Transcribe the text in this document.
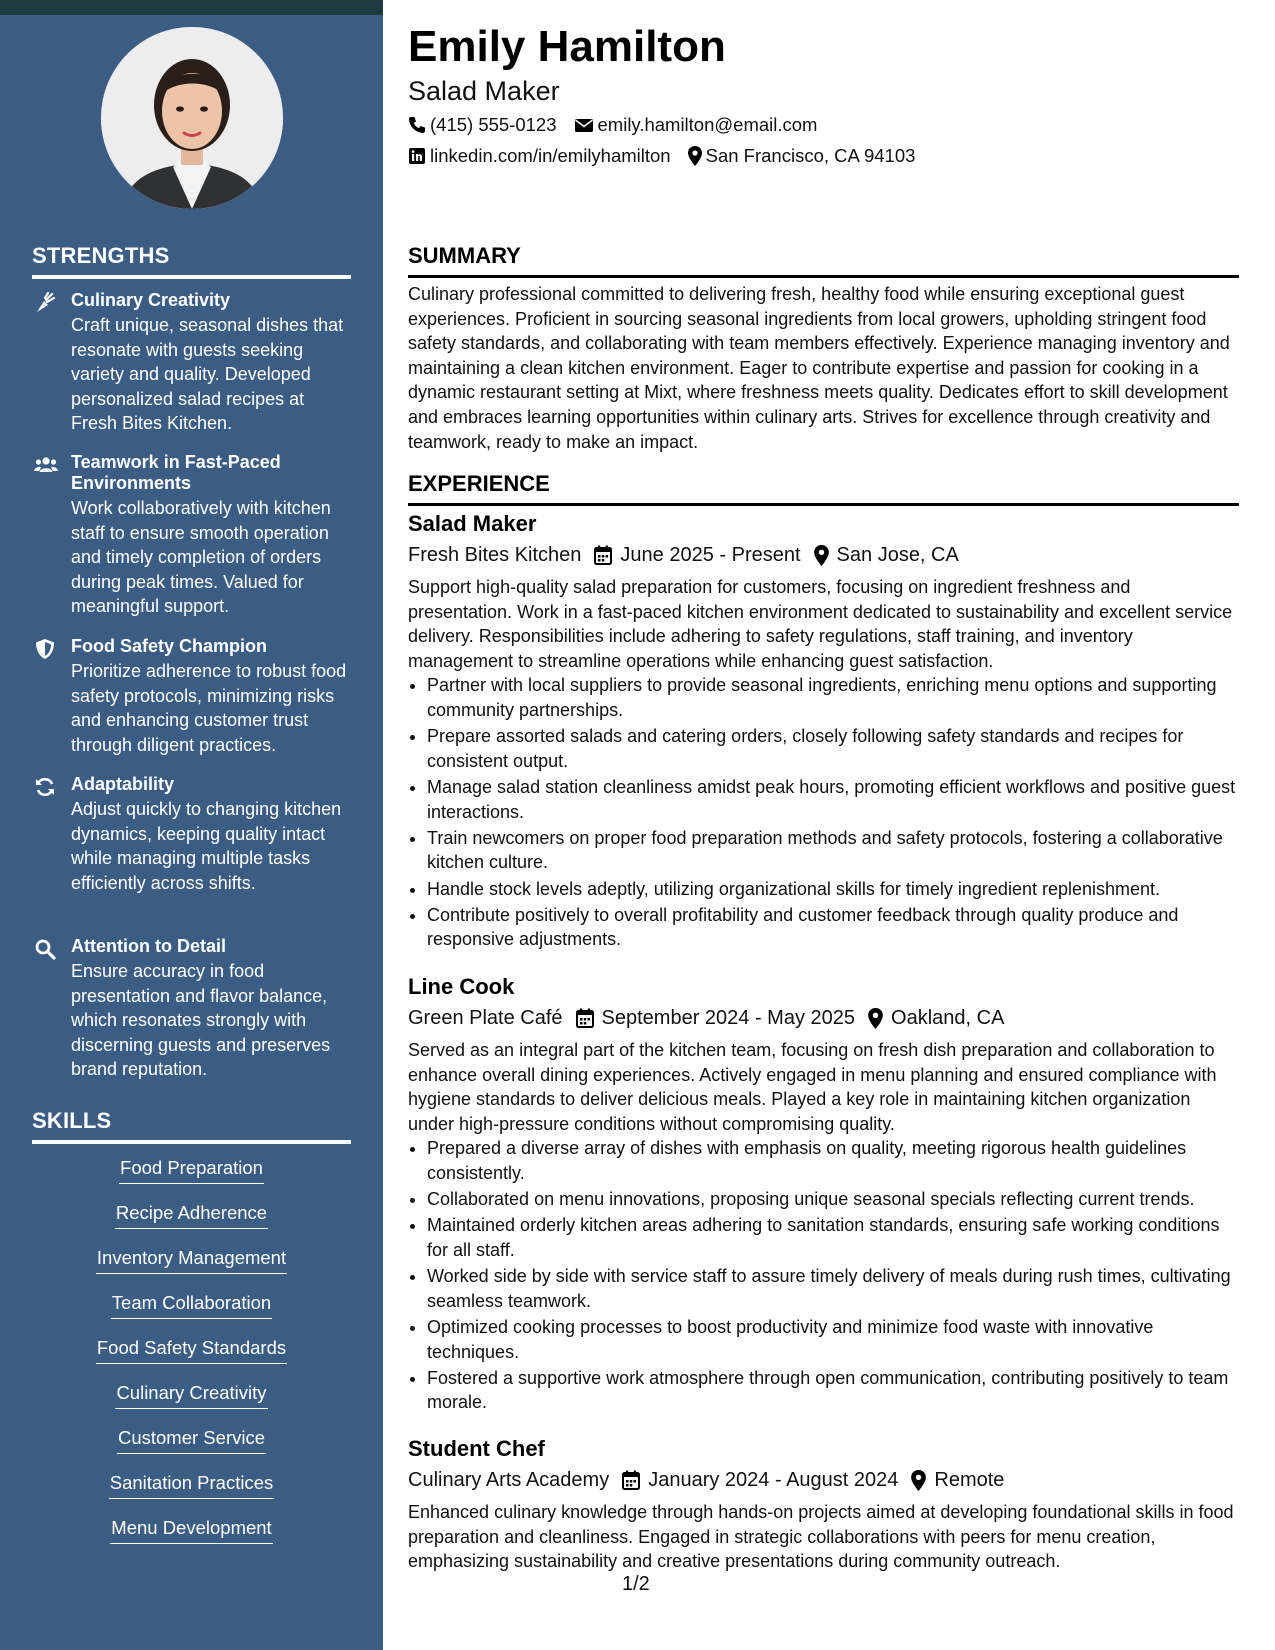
STRENGTHS
Culinary Creativity
Craft unique, seasonal dishes that resonate with guests seeking variety and quality. Developed personalized salad recipes at Fresh Bites Kitchen.
Teamwork in Fast-Paced Environments
Work collaboratively with kitchen staff to ensure smooth operation and timely completion of orders during peak times. Valued for meaningful support.
Food Safety Champion
Prioritize adherence to robust food safety protocols, minimizing risks and enhancing customer trust through diligent practices.
Adaptability
Adjust quickly to changing kitchen dynamics, keeping quality intact while managing multiple tasks efficiently across shifts.
Attention to Detail
Ensure accuracy in food presentation and flavor balance, which resonates strongly with discerning guests and preserves brand reputation.
SKILLS
Food Preparation
Recipe Adherence
Inventory Management
Team Collaboration
Food Safety Standards
Culinary Creativity
Customer Service
Sanitation Practices
Menu Development
Emily Hamilton
Salad Maker
(415) 555-0123 emily.hamilton@email.com
linkedin.com/in/emilyhamilton San Francisco, CA 94103
SUMMARY
Culinary professional committed to delivering fresh, healthy food while ensuring exceptional guest experiences. Proficient in sourcing seasonal ingredients from local growers, upholding stringent food safety standards, and collaborating with team members effectively. Experience managing inventory and maintaining a clean kitchen environment. Eager to contribute expertise and passion for cooking in a dynamic restaurant setting at Mixt, where freshness meets quality. Dedicates effort to skill development and embraces learning opportunities within culinary arts. Strives for excellence through creativity and teamwork, ready to make an impact.
EXPERIENCE
Salad Maker
Fresh Bites Kitchen June 2025 - Present San Jose, CA
Support high-quality salad preparation for customers, focusing on ingredient freshness and presentation. Work in a fast-paced kitchen environment dedicated to sustainability and excellent service delivery. Responsibilities include adhering to safety regulations, staff training, and inventory management to streamline operations while enhancing guest satisfaction.
• Partner with local suppliers to provide seasonal ingredients, enriching menu options and supporting community partnerships.
• Prepare assorted salads and catering orders, closely following safety standards and recipes for consistent output.
• Manage salad station cleanliness amidst peak hours, promoting efficient workflows and positive guest interactions.
• Train newcomers on proper food preparation methods and safety protocols, fostering a collaborative kitchen culture.
• Handle stock levels adeptly, utilizing organizational skills for timely ingredient replenishment.
• Contribute positively to overall profitability and customer feedback through quality produce and responsive adjustments.
Line Cook
Green Plate Café September 2024 - May 2025 Oakland, CA
Served as an integral part of the kitchen team, focusing on fresh dish preparation and collaboration to enhance overall dining experiences. Actively engaged in menu planning and ensured compliance with hygiene standards to deliver delicious meals. Played a key role in maintaining kitchen organization under high-pressure conditions without compromising quality.
• Prepared a diverse array of dishes with emphasis on quality, meeting rigorous health guidelines consistently.
• Collaborated on menu innovations, proposing unique seasonal specials reflecting current trends.
• Maintained orderly kitchen areas adhering to sanitation standards, ensuring safe working conditions for all staff.
• Worked side by side with service staff to assure timely delivery of meals during rush times, cultivating seamless teamwork.
• Optimized cooking processes to boost productivity and minimize food waste with innovative techniques.
• Fostered a supportive work atmosphere through open communication, contributing positively to team morale.
Student Chef
Culinary Arts Academy January 2024 - August 2024 Remote
Enhanced culinary knowledge through hands-on projects aimed at developing foundational skills in food preparation and cleanliness. Engaged in strategic collaborations with peers for menu creation, emphasizing sustainability and creative presentations during community outreach.
1/2
